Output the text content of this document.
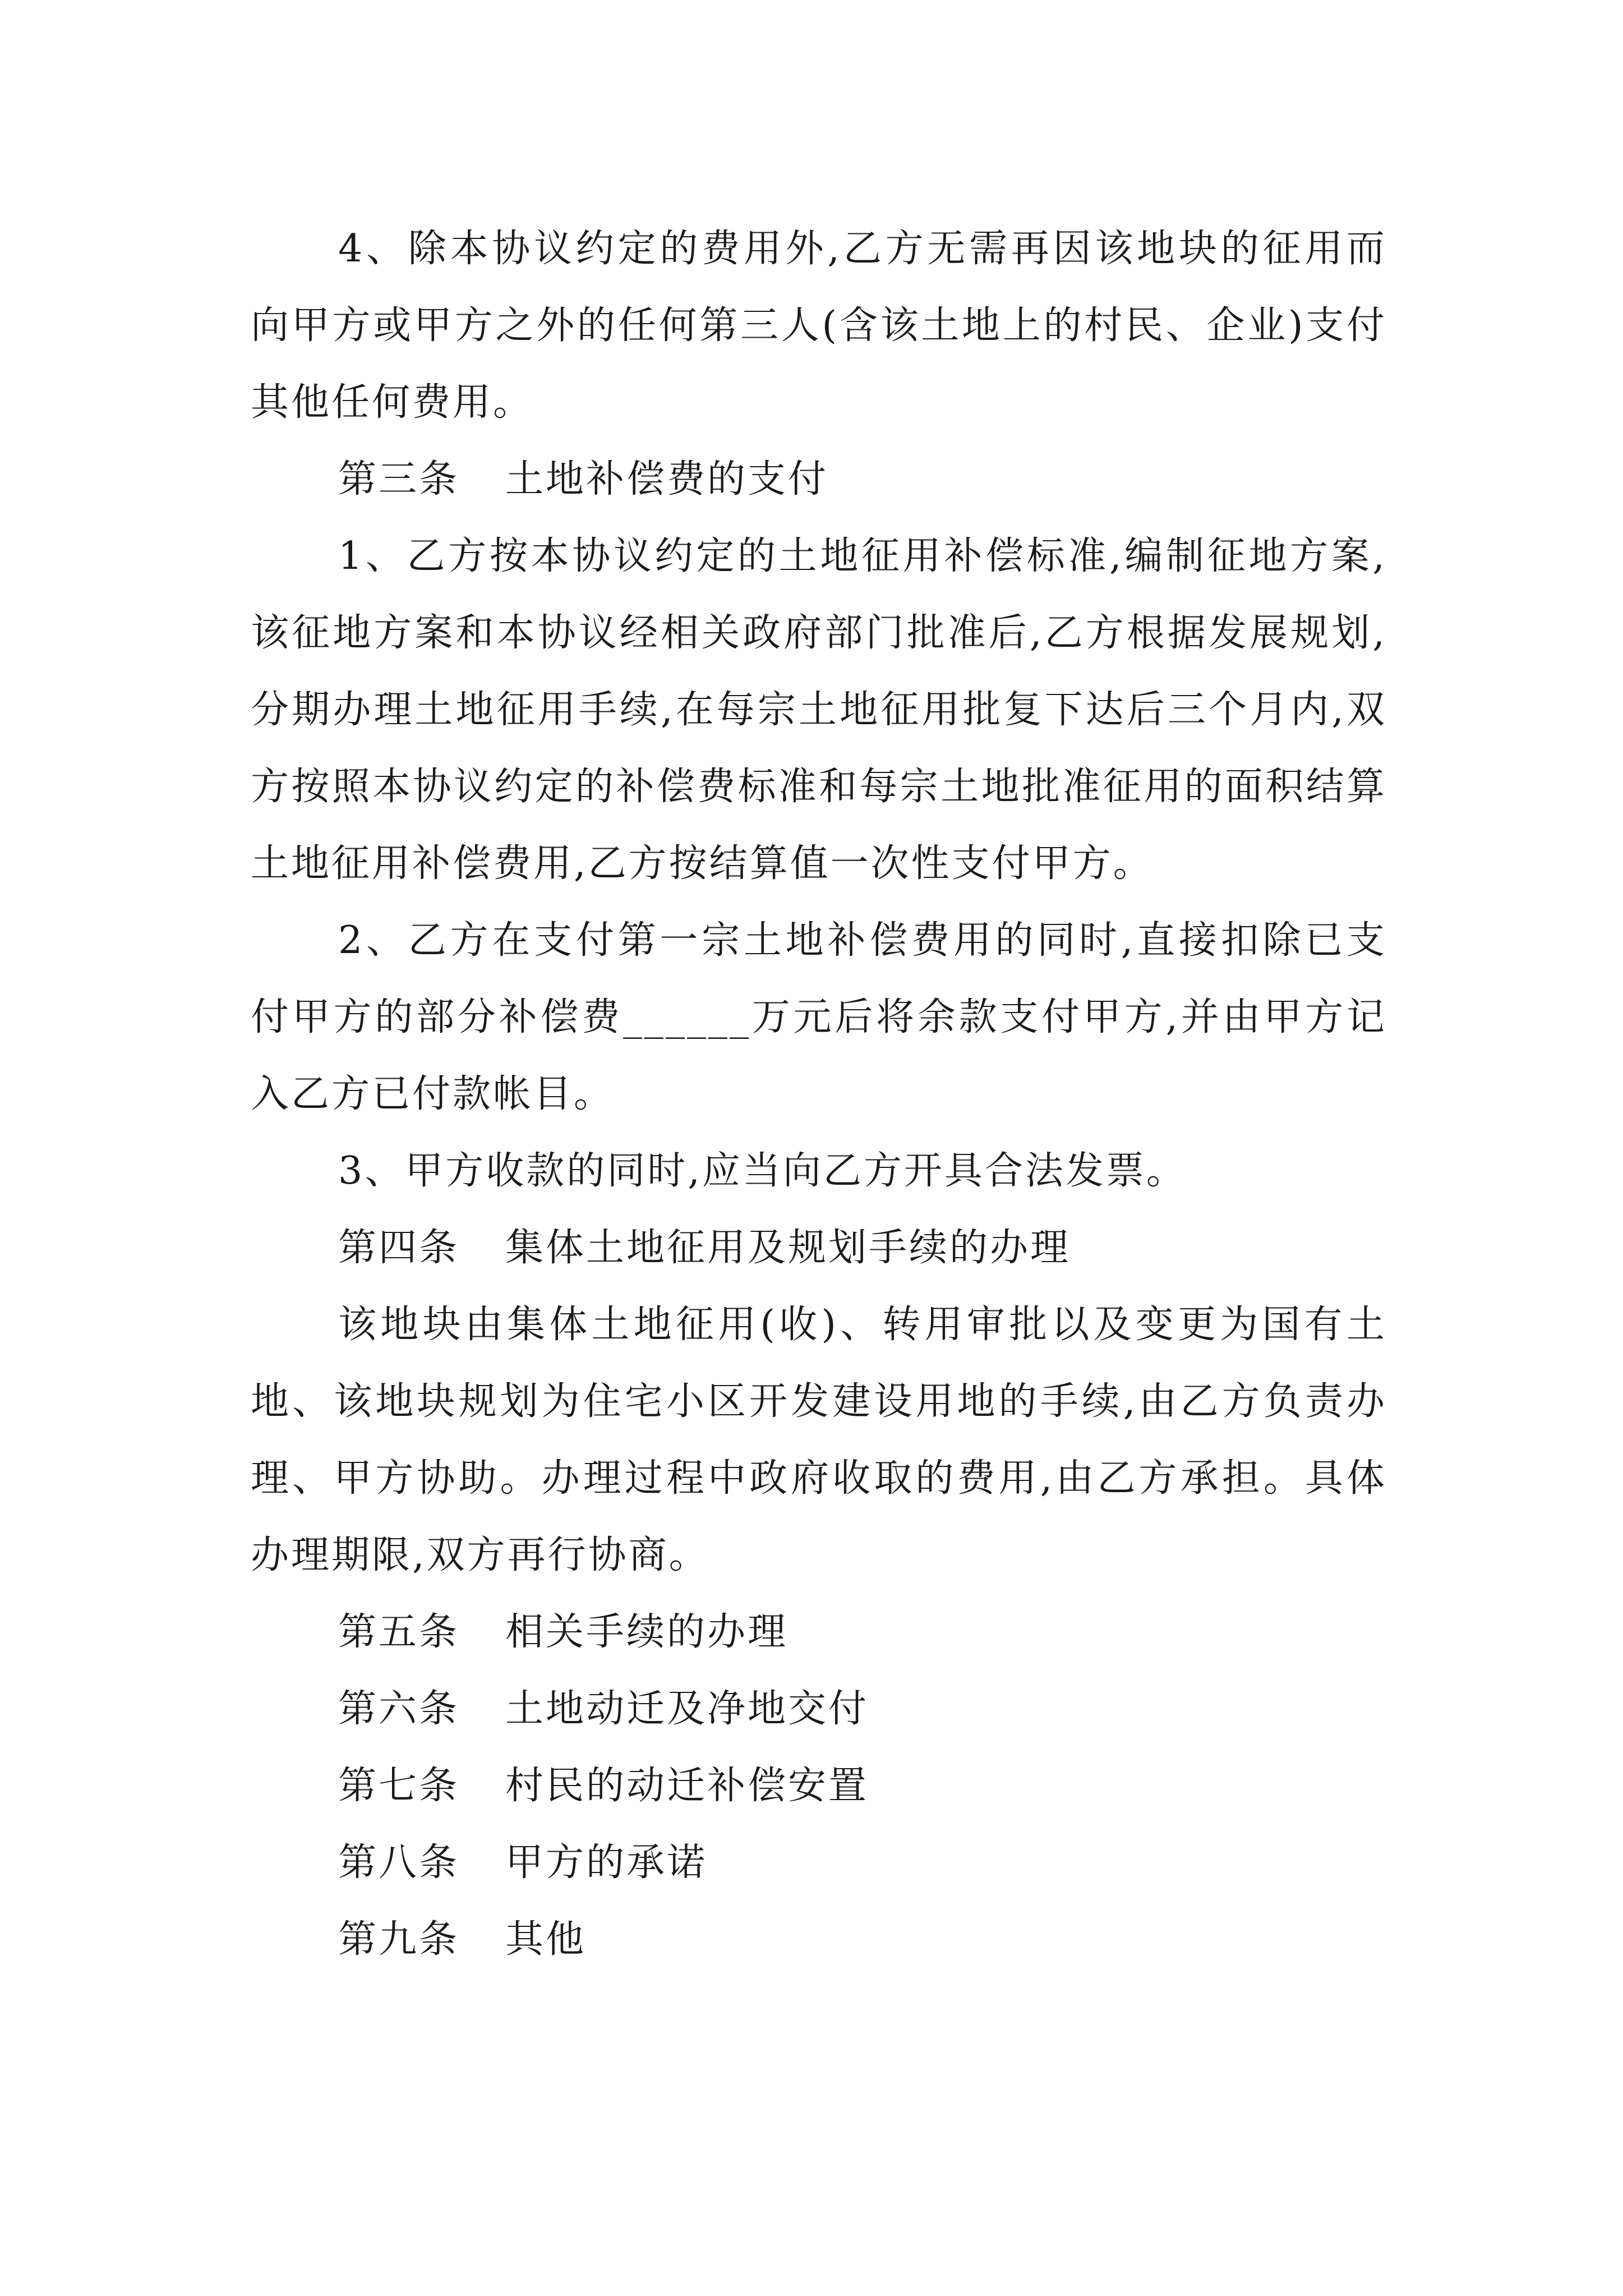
4、除本协议约定的费用外,乙方无需再因该地块的征用而向甲方或甲方之外的任何第三人(含该土地上的村民、企业)支付其他任何费用。

第三条 土地补偿费的支付

1、乙方按本协议约定的土地征用补偿标准,编制征地方案,该征地方案和本协议经相关政府部门批准后,乙方根据发展规划,分期办理土地征用手续,在每宗土地征用批复下达后三个月内,双方按照本协议约定的补偿费标准和每宗土地批准征用的面积结算土地征用补偿费用,乙方按结算值一次性支付甲方。

2、乙方在支付第一宗土地补偿费用的同时,直接扣除已支付甲方的部分补偿费______万元后将余款支付甲方,并由甲方记入乙方已付款帐目。

3、甲方收款的同时,应当向乙方开具合法发票。

第四条 集体土地征用及规划手续的办理

该地块由集体土地征用(收)、转用审批以及变更为国有土地、该地块规划为住宅小区开发建设用地的手续,由乙方负责办理、甲方协助。办理过程中政府收取的费用,由乙方承担。具体办理期限,双方再行协商。

第五条 相关手续的办理

第六条 土地动迁及净地交付

第七条 村民的动迁补偿安置

第八条 甲方的承诺

第九条 其他
